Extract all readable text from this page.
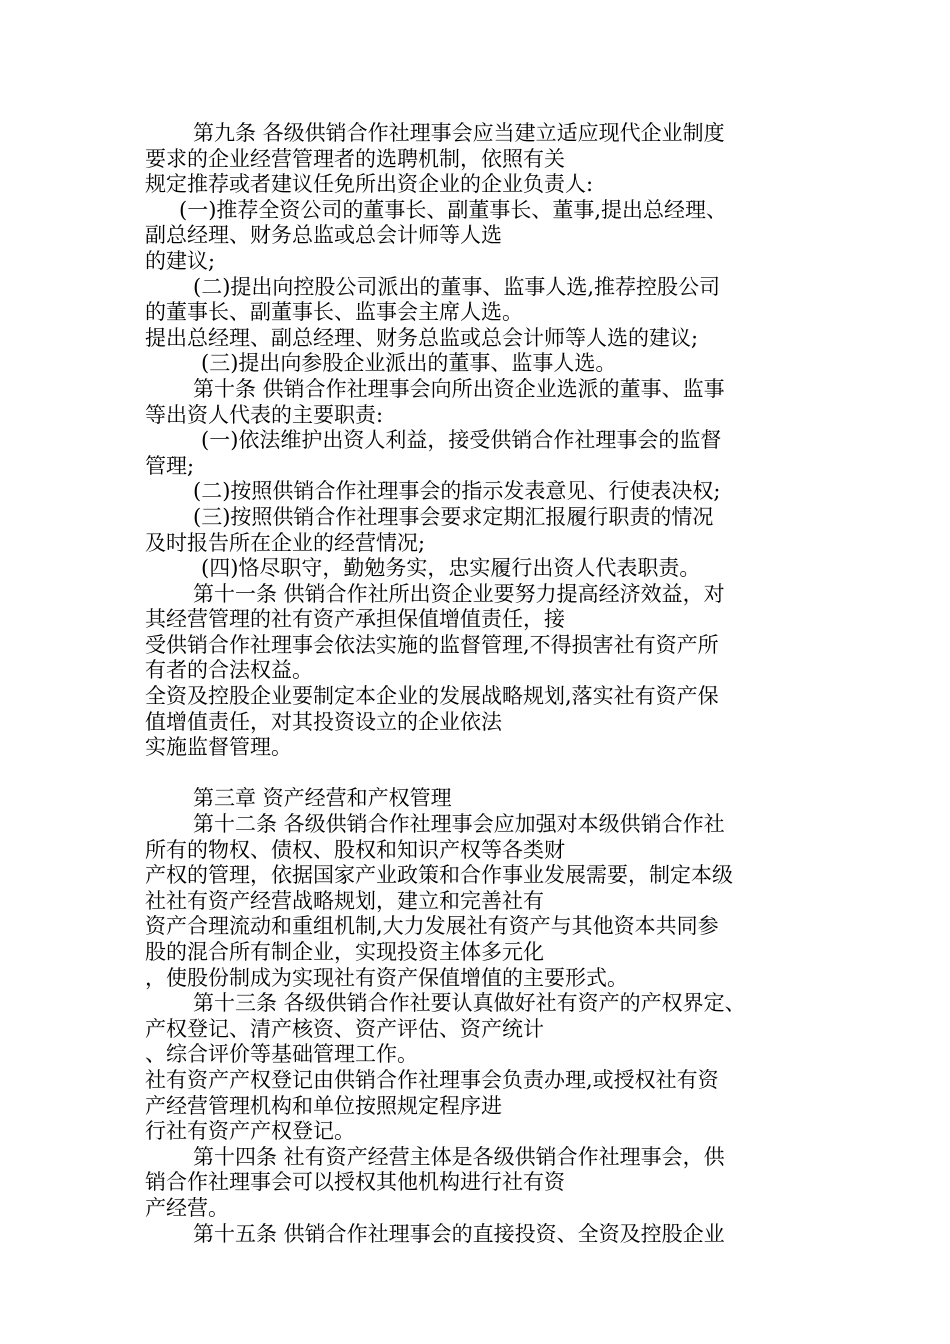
第九条 各级供销合作社理事会应当建立适应现代企业制度
要求的企业经营管理者的选聘机制，依照有关
规定推荐或者建议任免所出资企业的企业负责人:
(一)推荐全资公司的董事长、副董事长、董事,提出总经理、
副总经理、财务总监或总会计师等人选
的建议;
(二)提出向控股公司派出的董事、监事人选,推荐控股公司
的董事长、副董事长、监事会主席人选。
提出总经理、副总经理、财务总监或总会计师等人选的建议;
(三)提出向参股企业派出的董事、监事人选。
第十条 供销合作社理事会向所出资企业选派的董事、监事
等出资人代表的主要职责:
(一)依法维护出资人利益，接受供销合作社理事会的监督
管理;
(二)按照供销合作社理事会的指示发表意见、行使表决权;
(三)按照供销合作社理事会要求定期汇报履行职责的情况
及时报告所在企业的经营情况;
(四)恪尽职守，勤勉务实，忠实履行出资人代表职责。
第十一条 供销合作社所出资企业要努力提高经济效益，对
其经营管理的社有资产承担保值增值责任，接
受供销合作社理事会依法实施的监督管理,不得损害社有资产所
有者的合法权益。
全资及控股企业要制定本企业的发展战略规划,落实社有资产保
值增值责任，对其投资设立的企业依法
实施监督管理。
第三章 资产经营和产权管理
第十二条 各级供销合作社理事会应加强对本级供销合作社
所有的物权、债权、股权和知识产权等各类财
产权的管理，依据国家产业政策和合作事业发展需要，制定本级
社社有资产经营战略规划，建立和完善社有
资产合理流动和重组机制,大力发展社有资产与其他资本共同参
股的混合所有制企业，实现投资主体多元化
，使股份制成为实现社有资产保值增值的主要形式。
第十三条 各级供销合作社要认真做好社有资产的产权界定、
产权登记、清产核资、资产评估、资产统计
、综合评价等基础管理工作。
社有资产产权登记由供销合作社理事会负责办理,或授权社有资
产经营管理机构和单位按照规定程序进
行社有资产产权登记。
第十四条 社有资产经营主体是各级供销合作社理事会，供
销合作社理事会可以授权其他机构进行社有资
产经营。
第十五条 供销合作社理事会的直接投资、全资及控股企业
